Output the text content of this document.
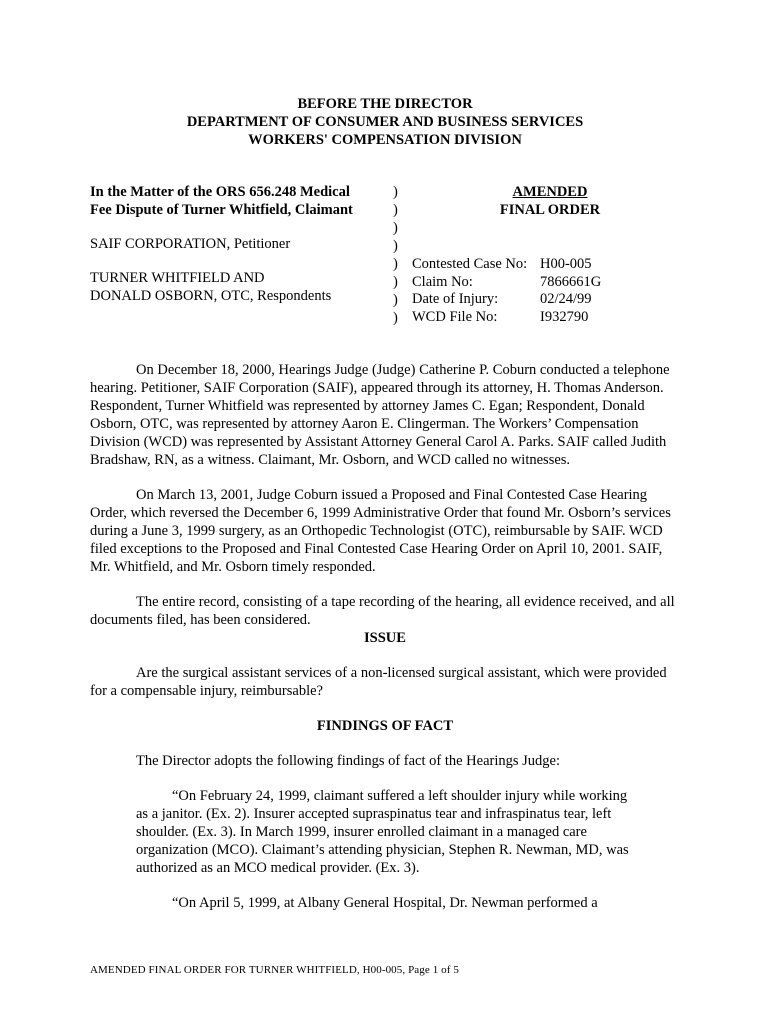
BEFORE THE DIRECTOR
DEPARTMENT OF CONSUMER AND BUSINESS SERVICES
WORKERS' COMPENSATION DIVISION
In the Matter of the ORS 656.248 Medical
Fee Dispute of Turner Whitfield, Claimant
SAIF CORPORATION, Petitioner
TURNER WHITFIELD AND
DONALD OSBORN, OTC, Respondents
)
)
)
)
)
)
)
)
AMENDED
FINAL ORDER
Contested Case No: H00-005
Claim No:	7866661G
Date of Injury:	02/24/99
WCD File No:	I932790

On December 18, 2000, Hearings Judge (Judge) Catherine P. Coburn conducted a telephone hearing. Petitioner, SAIF Corporation (SAIF), appeared through its attorney, H. Thomas Anderson. Respondent, Turner Whitfield was represented by attorney James C. Egan; Respondent, Donald Osborn, OTC, was represented by attorney Aaron E. Clingerman. The Workers’ Compensation Division (WCD) was represented by Assistant Attorney General Carol A. Parks. SAIF called Judith Bradshaw, RN, as a witness. Claimant, Mr. Osborn, and WCD called no witnesses.

On March 13, 2001, Judge Coburn issued a Proposed and Final Contested Case Hearing Order, which reversed the December 6, 1999 Administrative Order that found Mr. Osborn’s services during a June 3, 1999 surgery, as an Orthopedic Technologist (OTC), reimbursable by SAIF. WCD filed exceptions to the Proposed and Final Contested Case Hearing Order on April 10, 2001. SAIF, Mr. Whitfield, and Mr. Osborn timely responded.

The entire record, consisting of a tape recording of the hearing, all evidence received, and all documents filed, has been considered.

ISSUE

Are the surgical assistant services of a non-licensed surgical assistant, which were provided for a compensable injury, reimbursable?

FINDINGS OF FACT

The Director adopts the following findings of fact of the Hearings Judge:

“On February 24, 1999, claimant suffered a left shoulder injury while working as a janitor. (Ex. 2). Insurer accepted supraspinatus tear and infraspinatus tear, left shoulder. (Ex. 3). In March 1999, insurer enrolled claimant in a managed care organization (MCO). Claimant’s attending physician, Stephen R. Newman, MD, was authorized as an MCO medical provider. (Ex. 3).

“On April 5, 1999, at Albany General Hospital, Dr. Newman performed a

AMENDED FINAL ORDER FOR TURNER WHITFIELD, H00-005, Page 1 of 5
